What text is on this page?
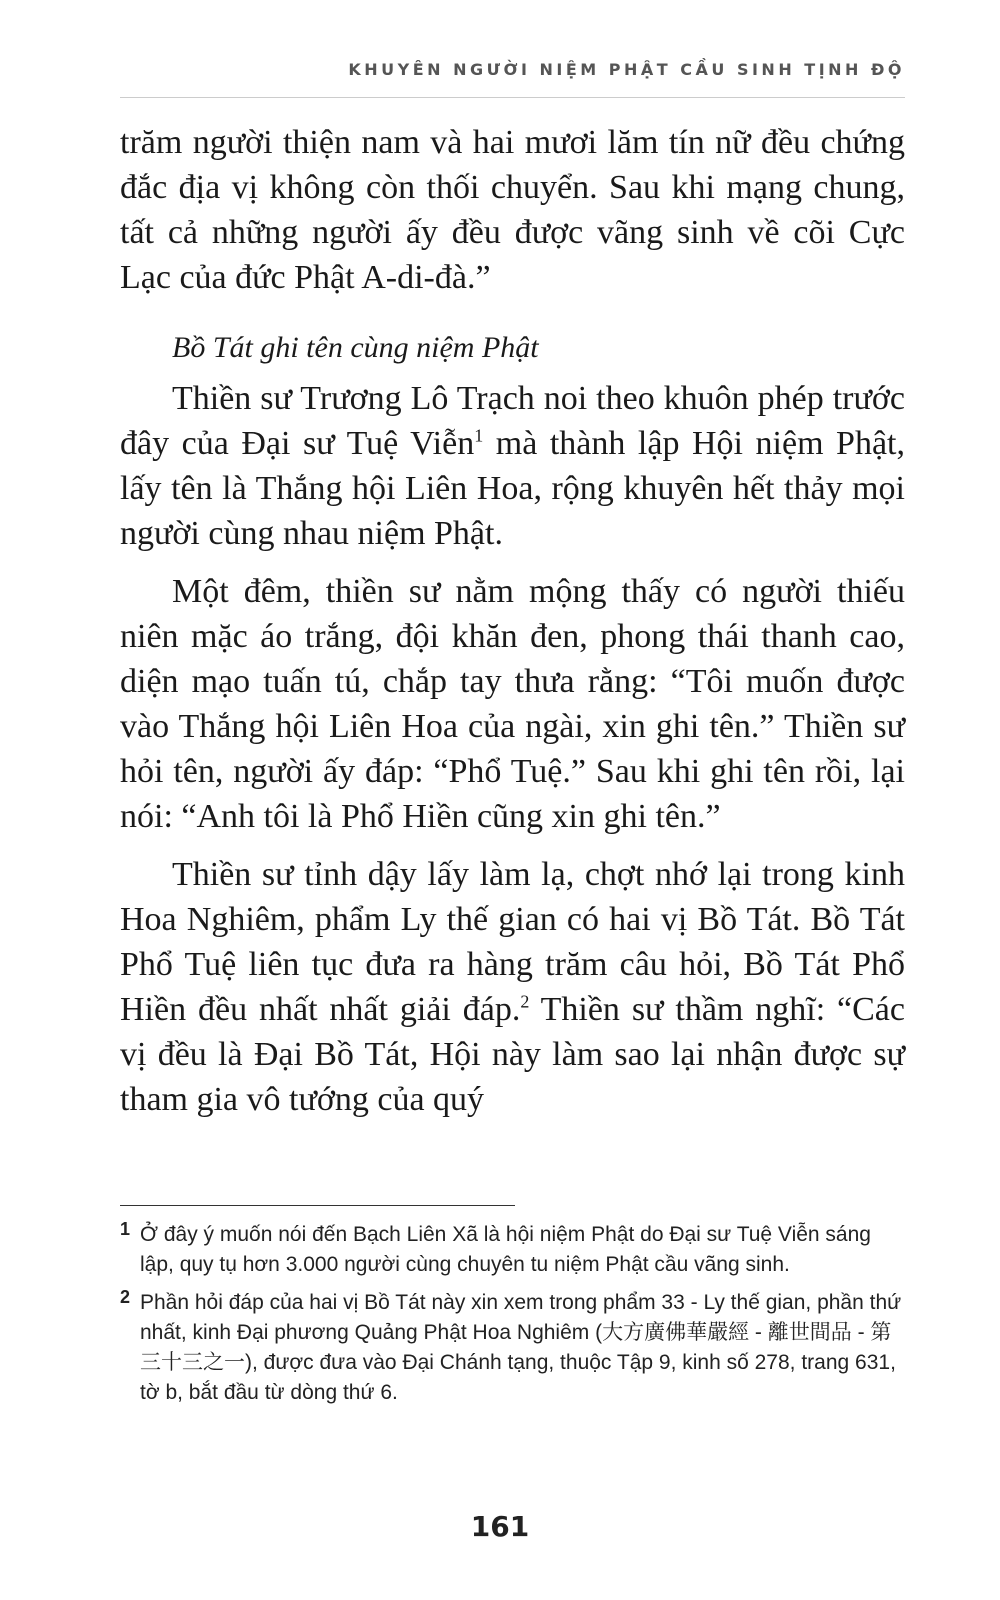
KHUYÊN NGƯỜI NIỆM PHẬT CẦU SINH TỊNH ĐỘ

trăm người thiện nam và hai mươi lăm tín nữ đều chứng đắc địa vị không còn thối chuyển. Sau khi mạng chung, tất cả những người ấy đều được vãng sinh về cõi Cực Lạc của đức Phật A-di-đà.”

Bồ Tát ghi tên cùng niệm Phật

Thiền sư Trương Lô Trạch noi theo khuôn phép trước đây của Đại sư Tuệ Viễn$^1$ mà thành lập Hội niệm Phật, lấy tên là Thắng hội Liên Hoa, rộng khuyên hết thảy mọi người cùng nhau niệm Phật.

Một đêm, thiền sư nằm mộng thấy có người thiếu niên mặc áo trắng, đội khăn đen, phong thái thanh cao, diện mạo tuấn tú, chắp tay thưa rằng: “Tôi muốn được vào Thắng hội Liên Hoa của ngài, xin ghi tên.” Thiền sư hỏi tên, người ấy đáp: “Phổ Tuệ.” Sau khi ghi tên rồi, lại nói: “Anh tôi là Phổ Hiền cũng xin ghi tên.”

Thiền sư tỉnh dậy lấy làm lạ, chợt nhớ lại trong kinh Hoa Nghiêm, phẩm Ly thế gian có hai vị Bồ Tát. Bồ Tát Phổ Tuệ liên tục đưa ra hàng trăm câu hỏi, Bồ Tát Phổ Hiền đều nhất nhất giải đáp.$^2$ Thiền sư thầm nghĩ: “Các vị đều là Đại Bồ Tát, Hội này làm sao lại nhận được sự tham gia vô tướng của quý

1 Ở đây ý muốn nói đến Bạch Liên Xã là hội niệm Phật do Đại sư Tuệ Viễn sáng lập, quy tụ hơn 3.000 người cùng chuyên tu niệm Phật cầu vãng sinh.
2 Phần hỏi đáp của hai vị Bồ Tát này xin xem trong phẩm 33 - Ly thế gian, phần thứ nhất, kinh Đại phương Quảng Phật Hoa Nghiêm (大方廣佛華嚴經 - 離世間品 - 第三十三之一), được đưa vào Đại Chánh tạng, thuộc Tập 9, kinh số 278, trang 631, tờ b, bắt đầu từ dòng thứ 6.
161
